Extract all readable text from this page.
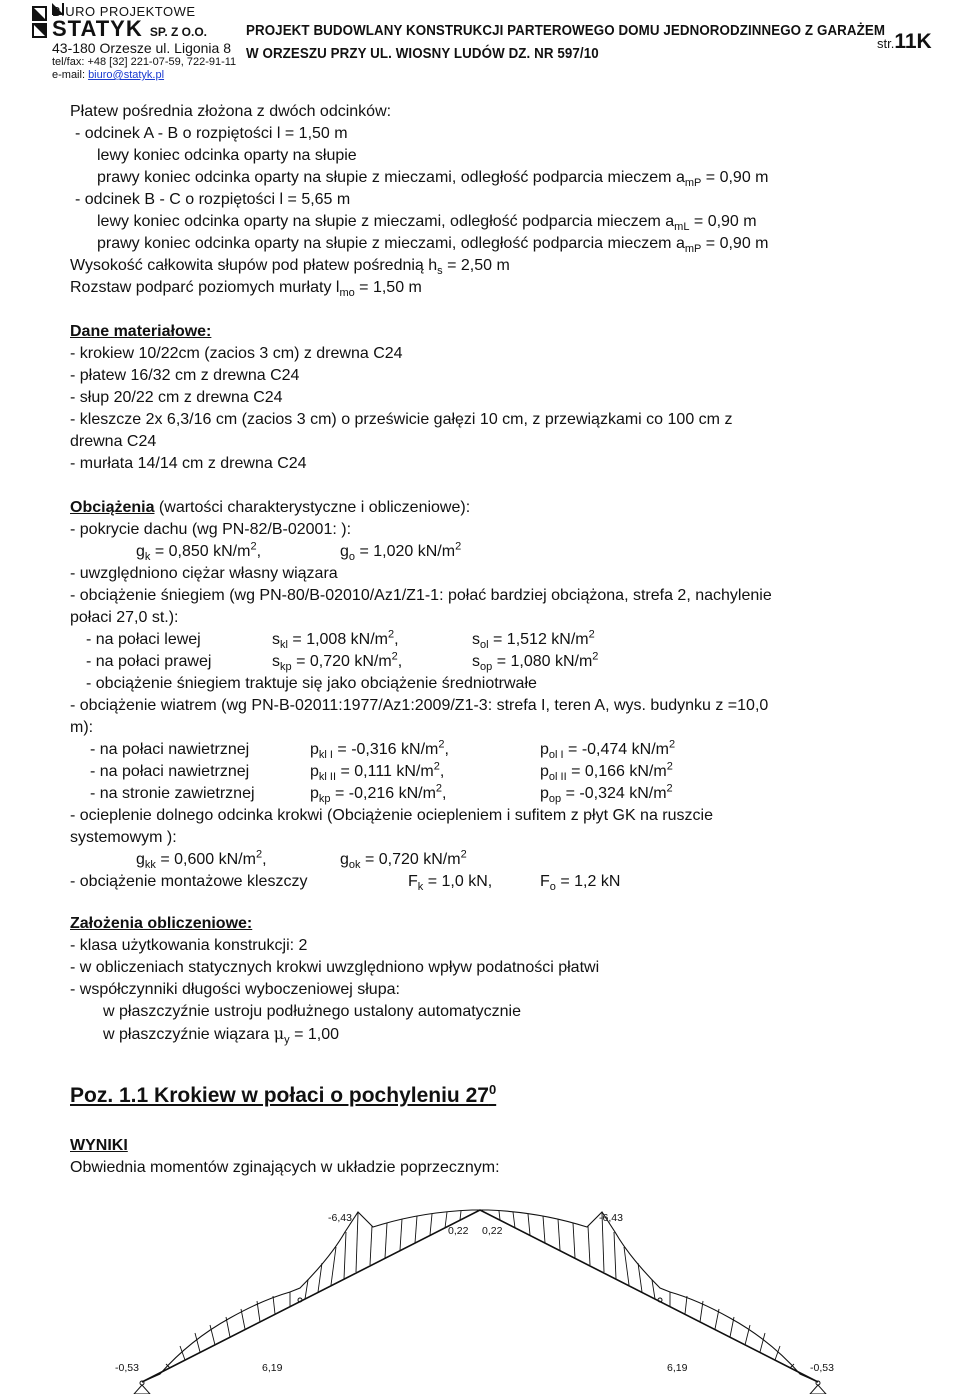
BIURO PROJEKTOWE
STATYK SP. Z O.O.
43-180 Orzesze ul. Ligonia 8
tel/fax: +48 [32] 221-07-59, 722-91-11
e-mail: biuro@statyk.pl
PROJEKT BUDOWLANY KONSTRUKCJI PARTEROWEGO DOMU JEDNORODZINNEGO Z GARAŻEM
W ORZESZU PRZY UL. WIOSNY LUDÓW DZ. NR 597/10
str.11K
Płatew pośrednia złożona z dwóch odcinków:
- odcinek A - B o rozpiętości l = 1,50 m
lewy koniec odcinka oparty na słupie
prawy koniec odcinka oparty na słupie z mieczami, odległość podparcia mieczem $a_{mP} = 0,90$ m
- odcinek B - C o rozpiętości l = 5,65 m
lewy koniec odcinka oparty na słupie z mieczami, odległość podparcia mieczem $a_{mL} = 0,90$ m
prawy koniec odcinka oparty na słupie z mieczami, odległość podparcia mieczem $a_{mP} = 0,90$ m
Wysokość całkowita słupów pod płatew pośrednią $h_s = 2,50$ m
Rozstaw podparć poziomych murłaty $l_{mo} = 1,50$ m
Dane materiałowe:
- krokiew 10/22cm (zacios 3 cm) z drewna C24
- płatew 16/32 cm z drewna C24
- słup 20/22 cm z drewna C24
- kleszcze 2x 6,3/16 cm (zacios 3 cm) o prześwicie gałęzi 10 cm, z przewiązkami co 100 cm z
drewna C24
- murłata 14/14 cm z drewna C24
Obciążenia (wartości charakterystyczne i obliczeniowe):
- pokrycie dachu (wg PN-82/B-02001: ):
$g_k = 0,850$ $kN/m^2$,	$g_o = 1,020$ $kN/m^2$
- uwzględniono ciężar własny wiązara
- obciążenie śniegiem (wg PN-80/B-02010/Az1/Z1-1: połać bardziej obciążona, strefa 2, nachylenie
połaci 27,0 st.):
- na połaci lewej	$s_{kl} = 1,008$ $kN/m^2$,	$s_{ol} = 1,512$ $kN/m^2$
- na połaci prawej	$s_{kp} = 0,720$ $kN/m^2$,	$s_{op} = 1,080$ $kN/m^2$
- obciążenie śniegiem traktuje się jako obciążenie średniotrwałe
- obciążenie wiatrem (wg PN-B-02011:1977/Az1:2009/Z1-3: strefa I, teren A, wys. budynku z =10,0
m):
- na połaci nawietrznej	$p_{kl I} = -0,316$ $kN/m^2$,	$p_{ol I} = -0,474$ $kN/m^2$
- na połaci nawietrznej	$p_{kl II} = 0,111$ $kN/m^2$,	$p_{ol II} = 0,166$ $kN/m^2$
- na stronie zawietrznej	$p_{kp} = -0,216$ $kN/m^2$,	$p_{op} = -0,324$ $kN/m^2$
- ocieplenie dolnego odcinka krokwi (Obciążenie ociepleniem i sufitem z płyt GK na ruszcie
systemowym ):
$g_{kk} = 0,600$ $kN/m^2$,	$g_{ok} = 0,720$ $kN/m^2$
- obciążenie montażowe kleszczy	$F_k = 1,0$ kN,	$F_o = 1,2$ kN
Założenia obliczeniowe:
- klasa użytkowania konstrukcji: 2
- w obliczeniach statycznych krokwi uwzględniono wpływ podatności płatwi
- współczynniki długości wyboczeniowej słupa:
w płaszczyźnie ustroju podłużnego ustalony automatycznie
w płaszczyźnie wiązara $\mu_y = 1,00$
Poz. 1.1 Krokiew w połaci o pochyleniu $27^0$
WYNIKI
Obwiednia momentów zginających w układzie poprzecznym:
-6,43	-6,43
0,22 0,22
-0,53	6,19	6,19	-0,53
